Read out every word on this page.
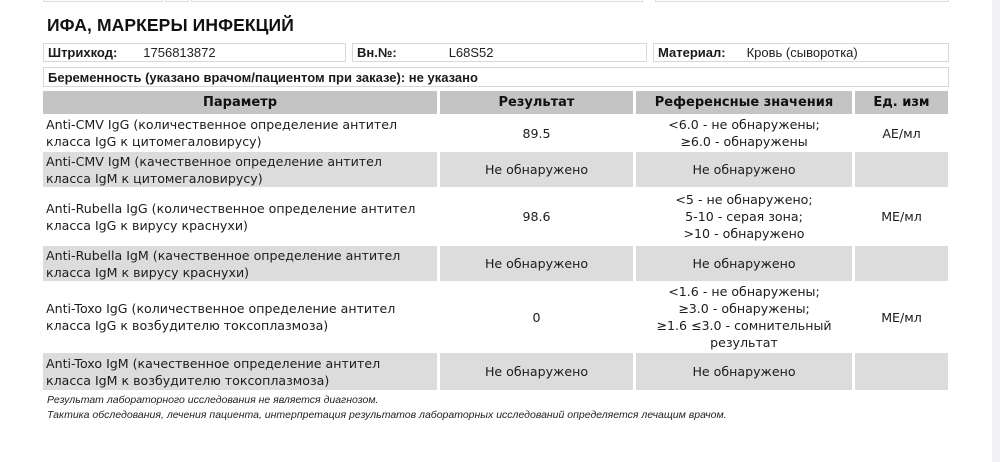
ИФА, МАРКЕРЫ ИНФЕКЦИЙ
Штрихкод: 1756813872	Вн.№:	L68S52	Материал: Кровь (сыворотка)
Беременность (указано врачом/пациентом при заказе): не указано
Параметр	Результат	Референсные значения	Ед. изм
Anti-CMV IgG (количественное определение антител
класса IgG к цитомегаловирусу)	89.5	<6.0 - не обнаружены;
≥6.0 - обнаружены	АЕ/мл
Anti-CMV IgM (качественное определение антител
класса IgM к цитомегаловирусу)	Не обнаружено	Не обнаружено	
Anti-Rubella IgG (количественное определение антител
класса IgG к вирусу краснухи)	98.6	<5 - не обнаружено;
5-10 - серая зона;
>10 - обнаружено	МЕ/мл
Anti-Rubella IgM (качественное определение антител
класса IgM к вирусу краснухи)	Не обнаружено	Не обнаружено	
Anti-Toxo IgG (количественное определение антител
класса IgG к возбудителю токсоплазмоза)	0	<1.6 - не обнаружены;
≥3.0 - обнаружены;
≥1.6 ≤3.0 - сомнительный
результат	МЕ/мл
Anti-Toxo IgM (качественное определение антител
класса IgM к возбудителю токсоплазмоза)	Не обнаружено	Не обнаружено	
Результат лабораторного исследования не является диагнозом.
Тактика обследования, лечения пациента, интерпретация результатов лабораторных исследований определяется лечащим врачом.
